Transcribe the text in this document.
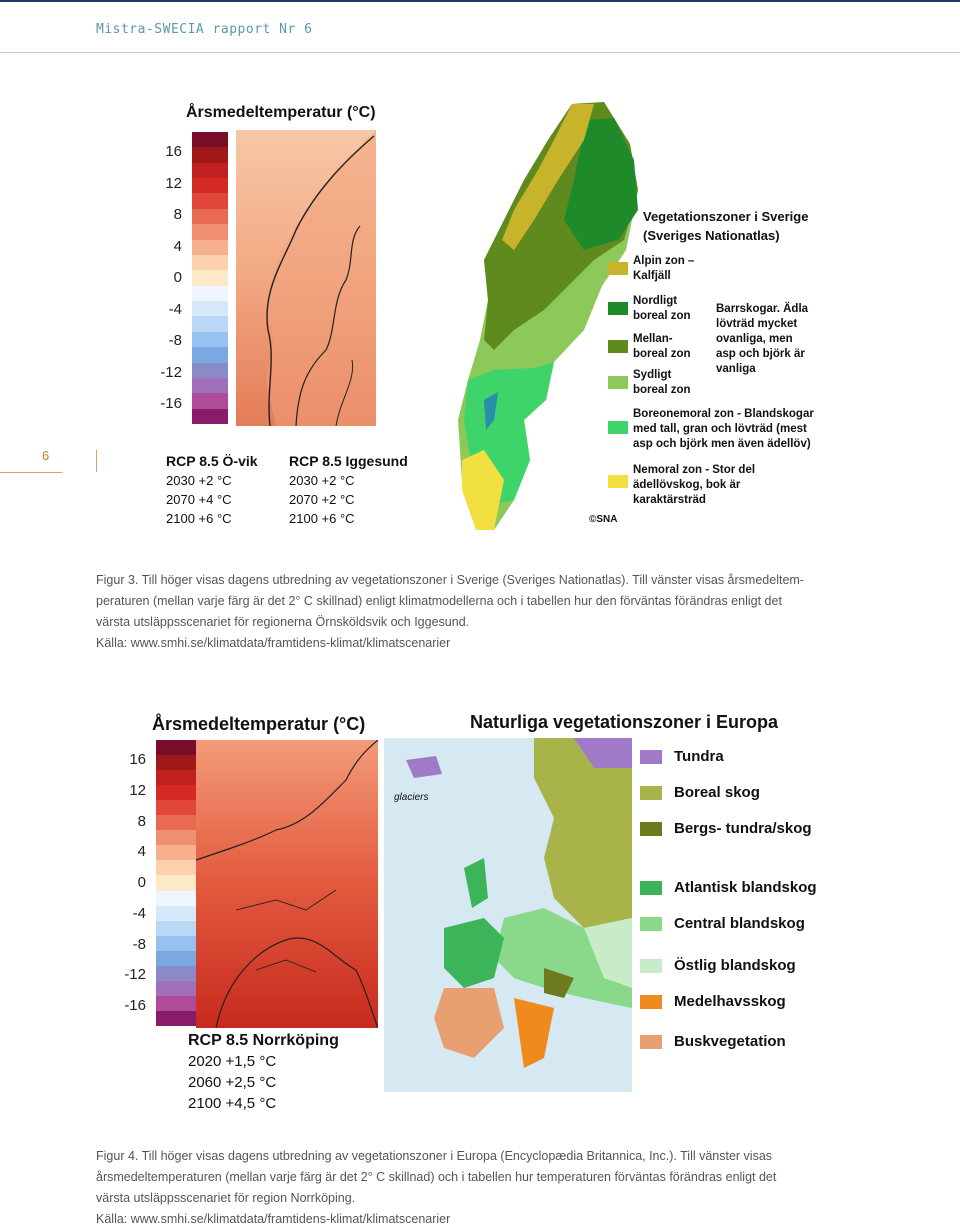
Mistra-SWECIA rapport Nr 6
6
Årsmedeltemperatur (°C)
16
12
8
4
0
-4
-8
-12
-16
RCP 8.5 Ö-vik
2030 +2 °C
2070 +4 °C
2100 +6 °C
RCP 8.5 Iggesund
2030 +2 °C
2070 +2 °C
2100 +6 °C
Vegetationszoner i Sverige
(Sveriges Nationatlas)
Alpin zon –
Kalfjäll
Nordligt
boreal zon
Mellan-
boreal zon
Sydligt
boreal zon
Barrskogar. Ädla
lövträd mycket
ovanliga, men
asp och björk är
vanliga
Boreonemoral zon - Blandskogar
med tall, gran och lövträd (mest
asp och björk men även ädellöv)
Nemoral zon - Stor del
ädellövskog, bok är
karaktärsträd
©SNA
Figur 3. Till höger visas dagens utbredning av vegetationszoner i Sverige (Sveriges Nationatlas). Till vänster visas årsmedeltem-
peraturen (mellan varje färg är det 2° C skillnad) enligt klimatmodellerna och i tabellen hur den förväntas förändras enligt det
värsta utsläppsscenariet för regionerna Örnsköldsvik och Iggesund.
Källa: www.smhi.se/klimatdata/framtidens-klimat/klimatscenarier
Årsmedeltemperatur (°C)
16
12
8
4
0
-4
-8
-12
-16
RCP 8.5 Norrköping
2020 +1,5 °C
2060 +2,5 °C
2100 +4,5 °C
Naturliga vegetationszoner i Europa
glaciers
Tundra
Boreal skog
Bergs- tundra/skog
Atlantisk blandskog
Central blandskog
Östlig blandskog
Medelhavsskog
Buskvegetation
Figur 4. Till höger visas dagens utbredning av vegetationszoner i Europa (Encyclopædia Britannica, Inc.). Till vänster visas
årsmedeltemperaturen (mellan varje färg är det 2° C skillnad) och i tabellen hur temperaturen förväntas förändras enligt det
värsta utsläppsscenariet för region Norrköping.
Källa: www.smhi.se/klimatdata/framtidens-klimat/klimatscenarier
